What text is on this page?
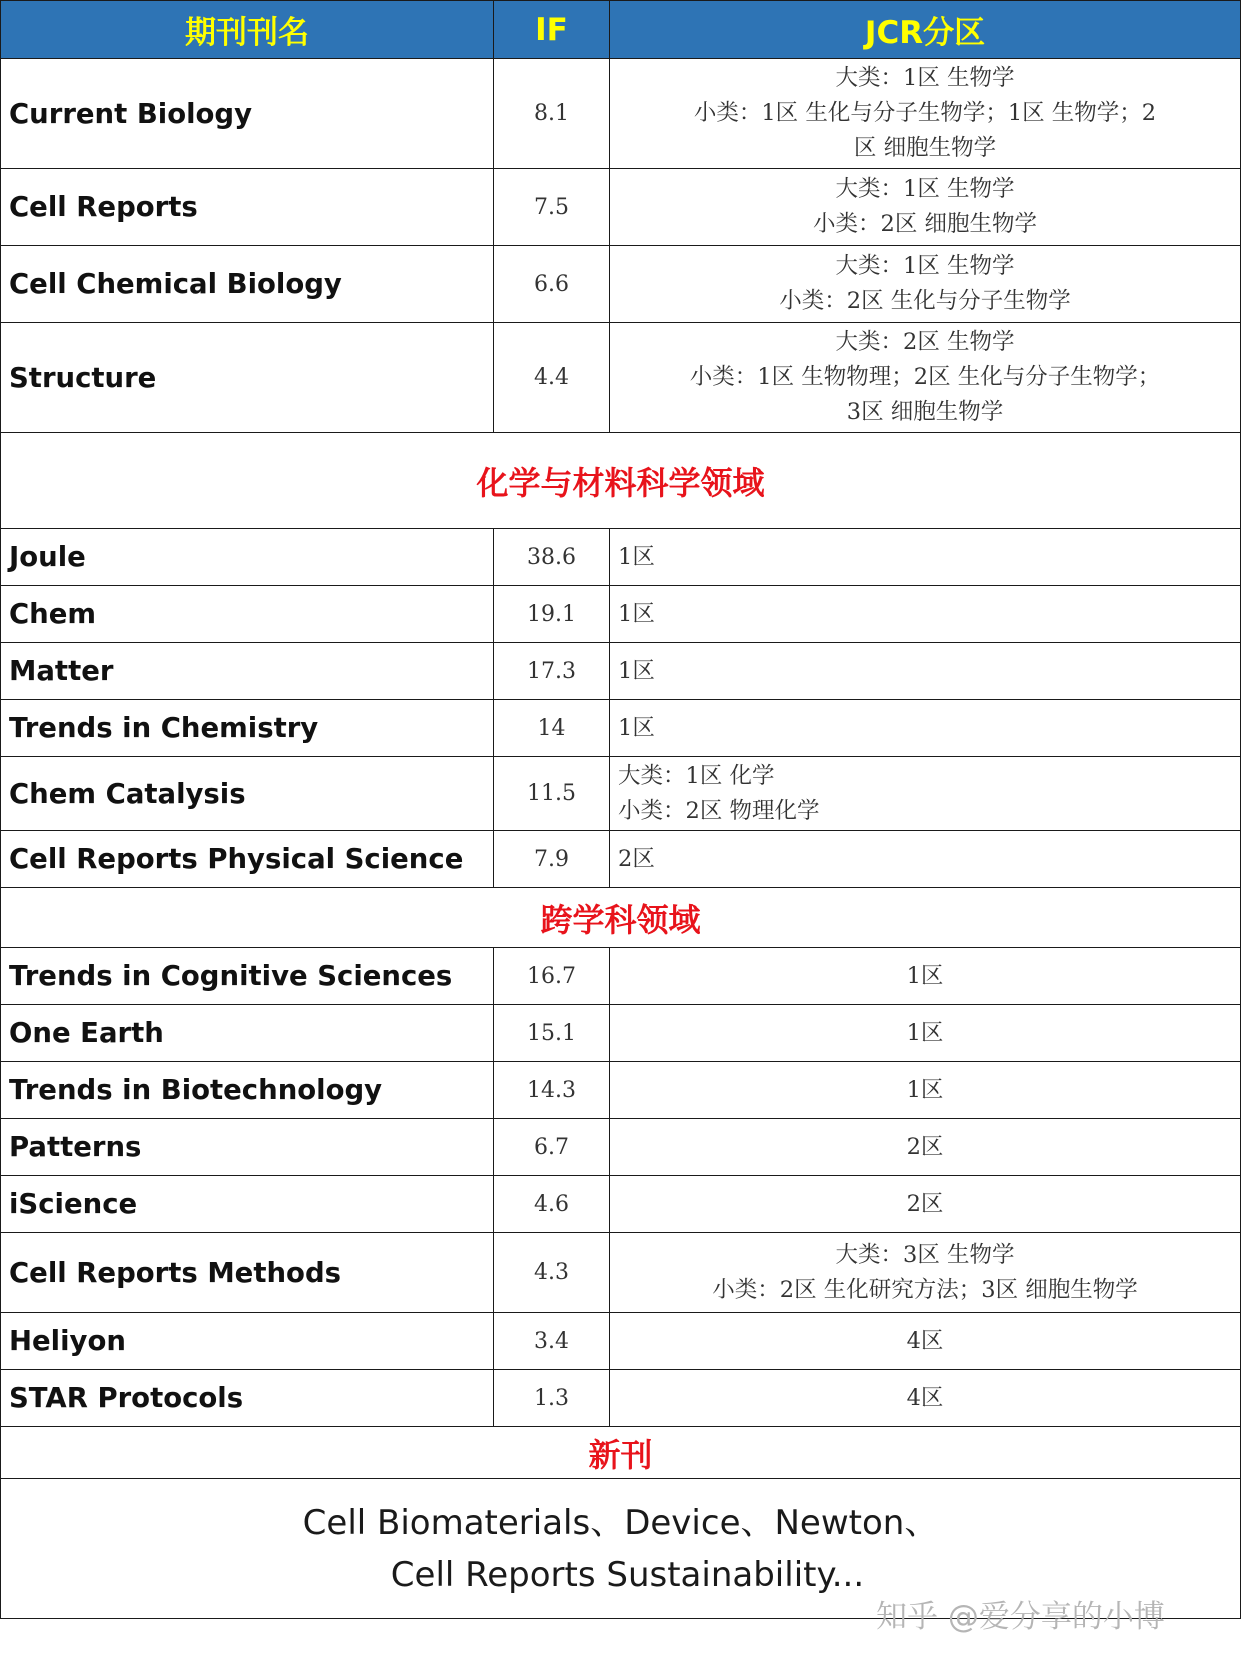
期刊刊名	IF	JCR分区
Current Biology	8.1	大类：1区 生物学
小类：1区 生化与分子生物学；1区 生物学；2
区 细胞生物学

Cell Reports	7.5	大类：1区 生物学
小类：2区 细胞生物学

Cell Chemical Biology	6.6	大类：1区 生物学
小类：2区 生化与分子生物学

Structure	4.4	大类：2区 生物学
小类：1区 生物物理；2区 生化与分子生物学；
3区 细胞生物学

化学与材料科学领域		
Joule	38.6	1区

Chem	19.1	1区

Matter	17.3	1区

Trends in Chemistry	14	1区

Chem Catalysis	11.5	大类：1区 化学
小类：2区 物理化学

Cell Reports Physical Science	7.9	2区

跨学科领域		
Trends in Cognitive Sciences	16.7	1区

One Earth	15.1	1区

Trends in Biotechnology	14.3	1区

Patterns	6.7	2区

iScience	4.6	2区

Cell Reports Methods	4.3	大类：3区 生物学
小类：2区 生化研究方法；3区 细胞生物学

Heliyon	3.4	4区

STAR Protocols	1.3	4区

新刊		

Cell Biomaterials、Device、Newton、
Cell Reports Sustainability...		
知乎 @爱分享的小博
